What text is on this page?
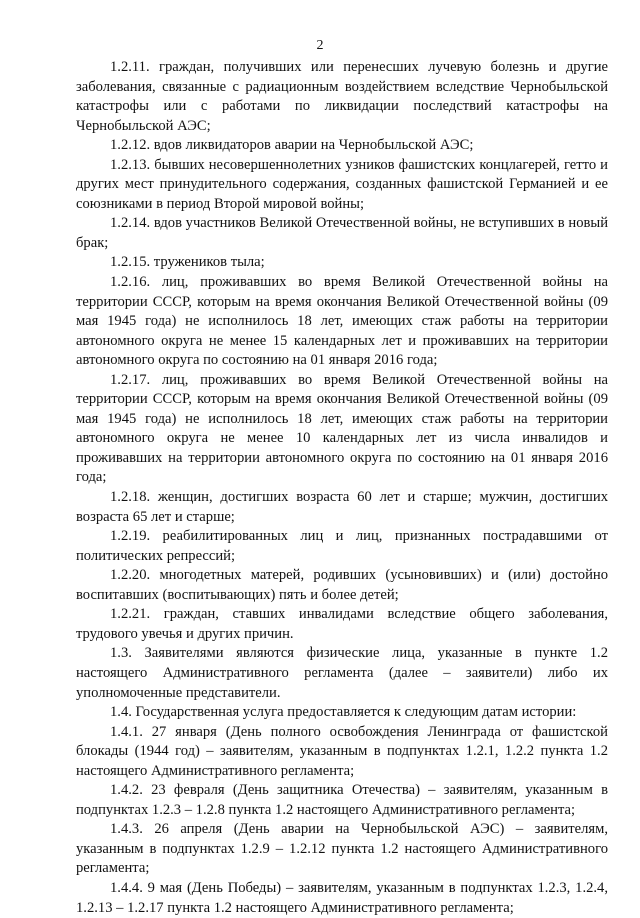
2

1.2.11. граждан, получивших или перенесших лучевую болезнь и другие заболевания, связанные с радиационным воздействием вследствие Чернобыльской катастрофы или с работами по ликвидации последствий катастрофы на Чернобыльской АЭС;

1.2.12. вдов ликвидаторов аварии на Чернобыльской АЭС;

1.2.13. бывших несовершеннолетних узников фашистских концлагерей, гетто и других мест принудительного содержания, созданных фашистской Германией и ее союзниками в период Второй мировой войны;

1.2.14. вдов участников Великой Отечественной войны, не вступивших в новый брак;

1.2.15. тружеников тыла;

1.2.16. лиц, проживавших во время Великой Отечественной войны на территории СССР, которым на время окончания Великой Отечественной войны (09 мая 1945 года) не исполнилось 18 лет, имеющих стаж работы на территории автономного округа не менее 15 календарных лет и проживавших на территории автономного округа по состоянию на 01 января 2016 года;

1.2.17. лиц, проживавших во время Великой Отечественной войны на территории СССР, которым на время окончания Великой Отечественной войны (09 мая 1945 года) не исполнилось 18 лет, имеющих стаж работы на территории автономного округа не менее 10 календарных лет из числа инвалидов и проживавших на территории автономного округа по состоянию на 01 января 2016 года;

1.2.18. женщин, достигших возраста 60 лет и старше; мужчин, достигших возраста 65 лет и старше;

1.2.19. реабилитированных лиц и лиц, признанных пострадавшими от политических репрессий;

1.2.20. многодетных матерей, родивших (усыновивших) и (или) достойно воспитавших (воспитывающих) пять и более детей;

1.2.21. граждан, ставших инвалидами вследствие общего заболевания, трудового увечья и других причин.

1.3. Заявителями являются физические лица, указанные в пункте 1.2 настоящего Административного регламента (далее – заявители) либо их уполномоченные представители.

1.4. Государственная услуга предоставляется к следующим датам истории:

1.4.1. 27 января (День полного освобождения Ленинграда от фашистской блокады (1944 год) – заявителям, указанным в подпунктах 1.2.1, 1.2.2 пункта 1.2 настоящего Административного регламента;

1.4.2. 23 февраля (День защитника Отечества) – заявителям, указанным в подпунктах 1.2.3 – 1.2.8 пункта 1.2 настоящего Административного регламента;

1.4.3. 26 апреля (День аварии на Чернобыльской АЭС) – заявителям, указанным в подпунктах 1.2.9 – 1.2.12 пункта 1.2 настоящего Административного регламента;

1.4.4. 9 мая (День Победы) – заявителям, указанным в подпунктах 1.2.3, 1.2.4, 1.2.13 – 1.2.17 пункта 1.2 настоящего Административного регламента;
